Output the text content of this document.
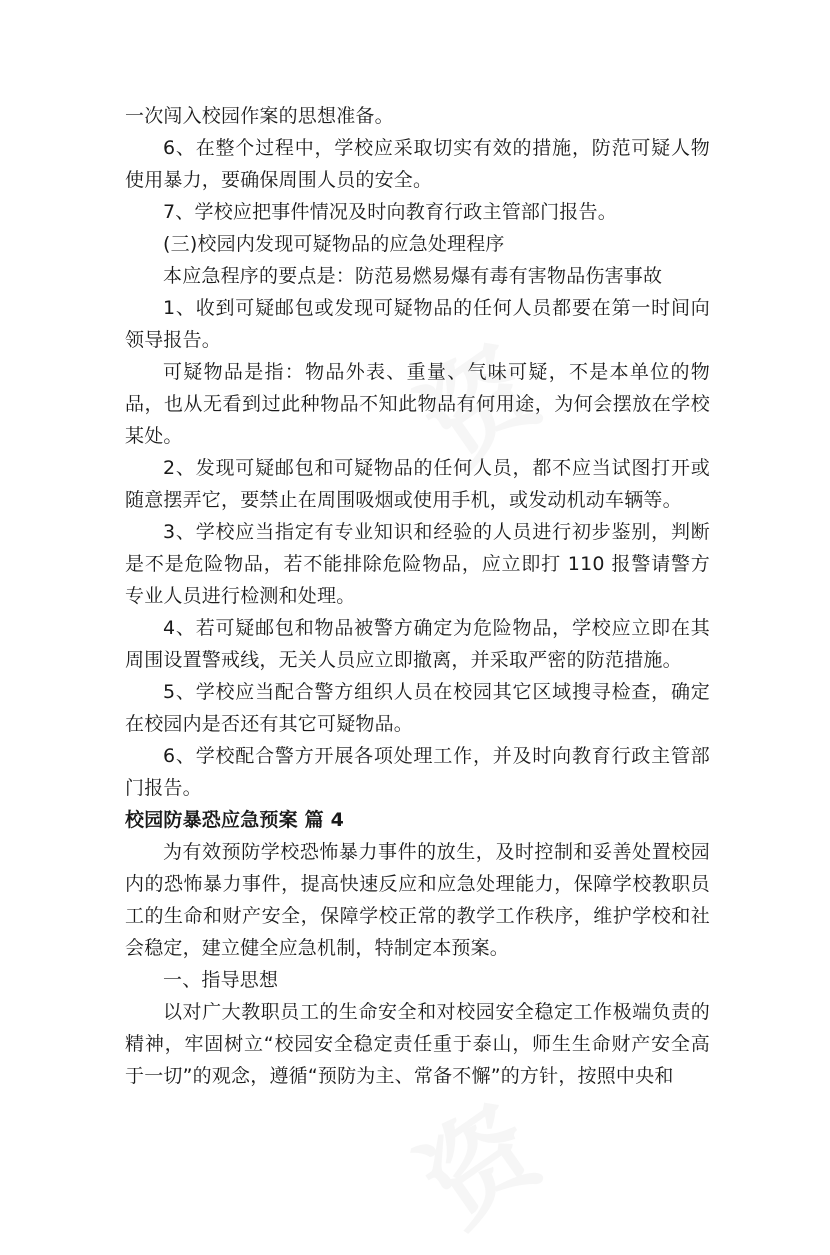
资
资

一次闯入校园作案的思想准备。

6、在整个过程中，学校应采取切实有效的措施，防范可疑人物使用暴力，要确保周围人员的安全。

7、学校应把事件情况及时向教育行政主管部门报告。

(三)校园内发现可疑物品的应急处理程序

本应急程序的要点是：防范易燃易爆有毒有害物品伤害事故

1、收到可疑邮包或发现可疑物品的任何人员都要在第一时间向领导报告。

可疑物品是指：物品外表、重量、气味可疑，不是本单位的物品，也从无看到过此种物品不知此物品有何用途，为何会摆放在学校某处。

2、发现可疑邮包和可疑物品的任何人员，都不应当试图打开或随意摆弄它，要禁止在周围吸烟或使用手机，或发动机动车辆等。

3、学校应当指定有专业知识和经验的人员进行初步鉴别，判断是不是危险物品，若不能排除危险物品，应立即打 110 报警请警方专业人员进行检测和处理。

4、若可疑邮包和物品被警方确定为危险物品，学校应立即在其周围设置警戒线，无关人员应立即撤离，并采取严密的防范措施。

5、学校应当配合警方组织人员在校园其它区域搜寻检查，确定在校园内是否还有其它可疑物品。

6、学校配合警方开展各项处理工作，并及时向教育行政主管部门报告。

校园防暴恐应急预案 篇 4

为有效预防学校恐怖暴力事件的放生，及时控制和妥善处置校园内的恐怖暴力事件，提高快速反应和应急处理能力，保障学校教职员工的生命和财产安全，保障学校正常的教学工作秩序，维护学校和社会稳定，建立健全应急机制，特制定本预案。

一、指导思想

以对广大教职员工的生命安全和对校园安全稳定工作极端负责的精神，牢固树立“校园安全稳定责任重于泰山，师生生命财产安全高于一切”的观念，遵循“预防为主、常备不懈”的方针，按照中央和
